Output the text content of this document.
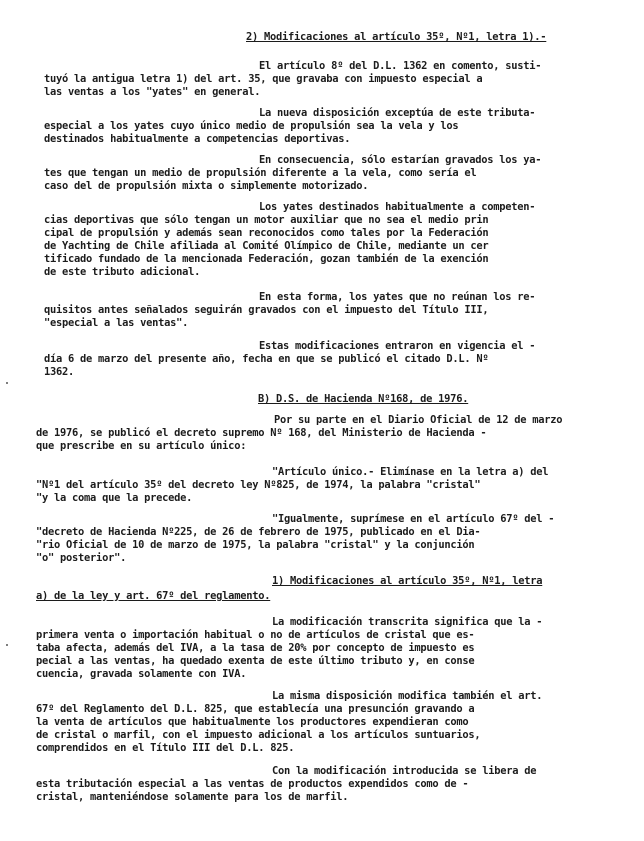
2) Modificaciones al artículo 35º, Nº1, letra 1).-
El artículo 8º del D.L. 1362 en comento, susti-
tuyó la antigua letra 1) del art. 35, que gravaba con impuesto especial a
las ventas a los "yates" en general.
La nueva disposición exceptúa de este tributa-
especial a los yates cuyo único medio de propulsión sea la vela y los
destinados habitualmente a competencias deportivas.
En consecuencia, sólo estarían gravados los ya-
tes que tengan un medio de propulsión diferente a la vela, como sería el
caso del de propulsión mixta o simplemente motorizado.
Los yates destinados habitualmente a competen-
cias deportivas que sólo tengan un motor auxiliar que no sea el medio prin
cipal de propulsión y además sean reconocidos como tales por la Federación
de Yachting de Chile afiliada al Comité Olímpico de Chile, mediante un cer
tificado fundado de la mencionada Federación, gozan también de la exención
de este tributo adicional.
En esta forma, los yates que no reúnan los re-
quisitos antes señalados seguirán gravados con el impuesto del Título III,
"especial a las ventas".
Estas modificaciones entraron en vigencia el -
día 6 de marzo del presente año, fecha en que se publicó el citado D.L. Nº
1362.
B) D.S. de Hacienda Nº168, de 1976.
Por su parte en el Diario Oficial de 12 de marzo
de 1976, se publicó el decreto supremo Nº 168, del Ministerio de Hacienda -
que prescribe en su artículo único:
"Artículo único.- Elimínase en la letra a) del
"Nº1 del artículo 35º del decreto ley Nº825, de 1974, la palabra "cristal"
"y la coma que la precede.
"Igualmente, suprímese en el artículo 67º del -
"decreto de Hacienda Nº225, de 26 de febrero de 1975, publicado en el Dia-
"rio Oficial de 10 de marzo de 1975, la palabra "cristal" y la conjunción
"o" posterior".
1) Modificaciones al artículo 35º, Nº1, letra
a) de la ley y art. 67º del reglamento.
La modificación transcrita significa que la -
primera venta o importación habitual o no de artículos de cristal que es-
taba afecta, además del IVA, a la tasa de 20% por concepto de impuesto es
pecial a las ventas, ha quedado exenta de este último tributo y, en conse
cuencia, gravada solamente con IVA.
La misma disposición modifica también el art.
67º del Reglamento del D.L. 825, que establecía una presunción gravando a
la venta de artículos que habitualmente los productores expendieran como
de cristal o marfil, con el impuesto adicional a los artículos suntuarios,
comprendidos en el Título III del D.L. 825.
Con la modificación introducida se libera de
esta tributación especial a las ventas de productos expendidos como de -
cristal, manteniéndose solamente para los de marfil.
